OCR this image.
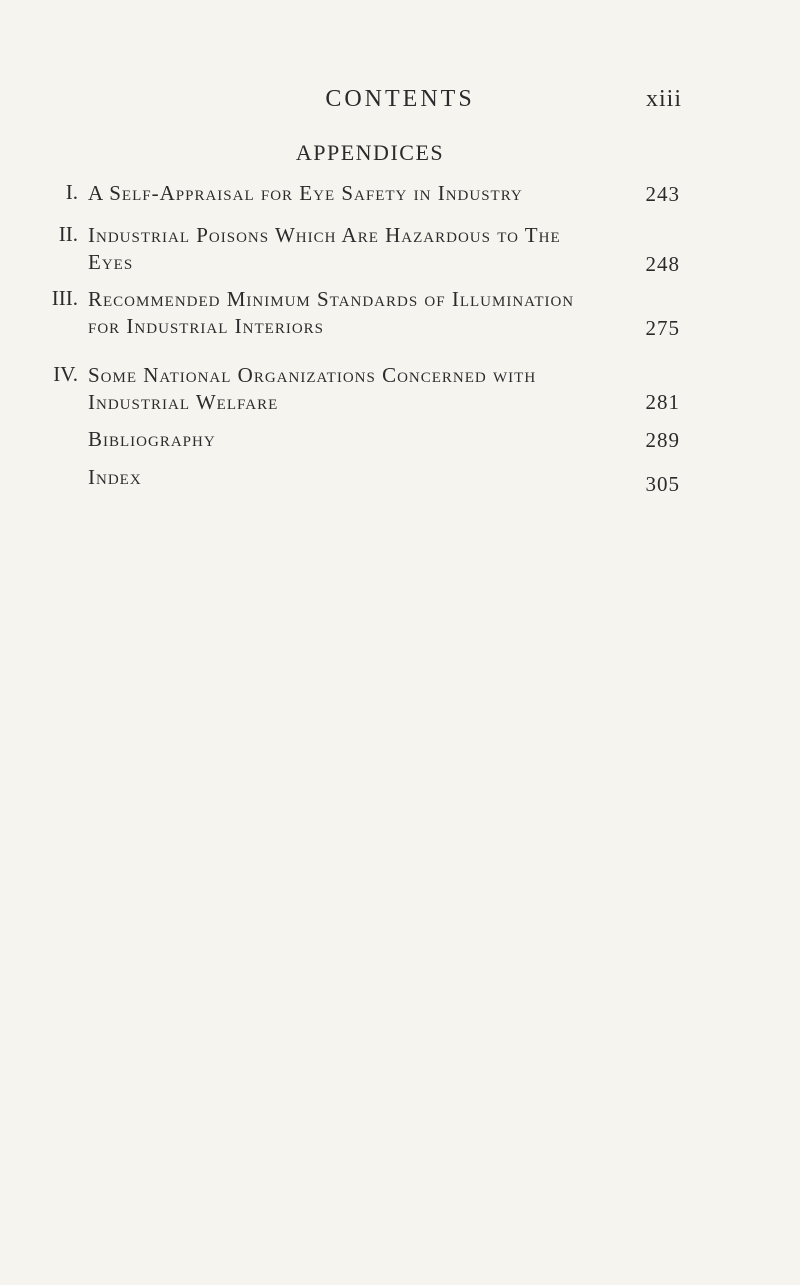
CONTENTS	xiii
APPENDICES
I. A Self-Appraisal for Eye Safety in Industry	243
II. Industrial Poisons Which Are Hazardous to The Eyes	248
III. Recommended Minimum Standards of Illumination for Industrial Interiors	275
IV. Some National Organizations Concerned with Industrial Welfare	281
Bibliography	289
Index	305
